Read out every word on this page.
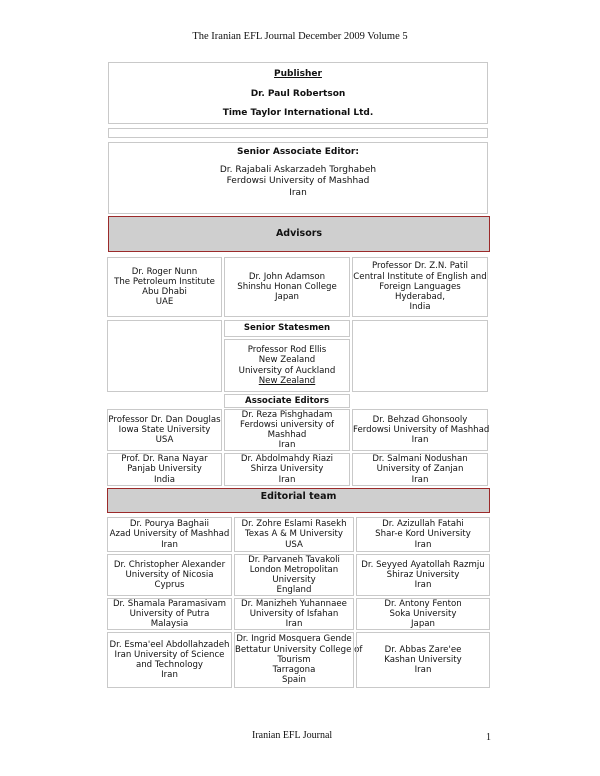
The Iranian EFL Journal December 2009 Volume 5
Publisher
Dr. Paul Robertson
Time Taylor International Ltd.
Senior Associate Editor:
Dr. Rajabali Askarzadeh Torghabeh
Ferdowsi University of Mashhad
Iran
Advisors
Dr. Roger Nunn
The Petroleum Institute
Abu Dhabi
UAE
Dr. John Adamson
Shinshu Honan College
Japan
Professor Dr. Z.N. Patil
Central Institute of English and
Foreign Languages
Hyderabad,
India
Senior Statesmen
Professor Rod Ellis
New Zealand
University of Auckland
New Zealand
Associate Editors
Professor Dr. Dan Douglas
Iowa State University
USA
Dr. Reza Pishghadam
Ferdowsi university of
Mashhad
Iran
Dr. Behzad Ghonsooly
Ferdowsi University of Mashhad
Iran
Prof. Dr. Rana Nayar
Panjab University
India
Dr. Abdolmahdy Riazi
Shirza University
Iran
Dr. Salmani Nodushan
University of Zanjan
Iran
Editorial team
Dr. Pourya Baghaii
Azad University of Mashhad
Iran
Dr. Zohre Eslami Rasekh
Texas A & M University
USA
Dr. Azizullah Fatahi
Shar-e Kord University
Iran
Dr. Christopher Alexander
University of Nicosia
Cyprus
Dr. Parvaneh Tavakoli
London Metropolitan
University
England
Dr. Seyyed Ayatollah Razmju
Shiraz University
Iran
Dr. Shamala Paramasivam
University of Putra
Malaysia
Dr. Manizheh Yuhannaee
University of Isfahan
Iran
Dr. Antony Fenton
Soka University
Japan
Dr. Esma'eel Abdollahzadeh
Iran University of Science
and Technology
Iran
Dr. Ingrid Mosquera Gende
Bettatur University College of
Tourism
Tarragona
Spain
Dr. Abbas Zare'ee
Kashan University
Iran
Iranian EFL Journal	1
